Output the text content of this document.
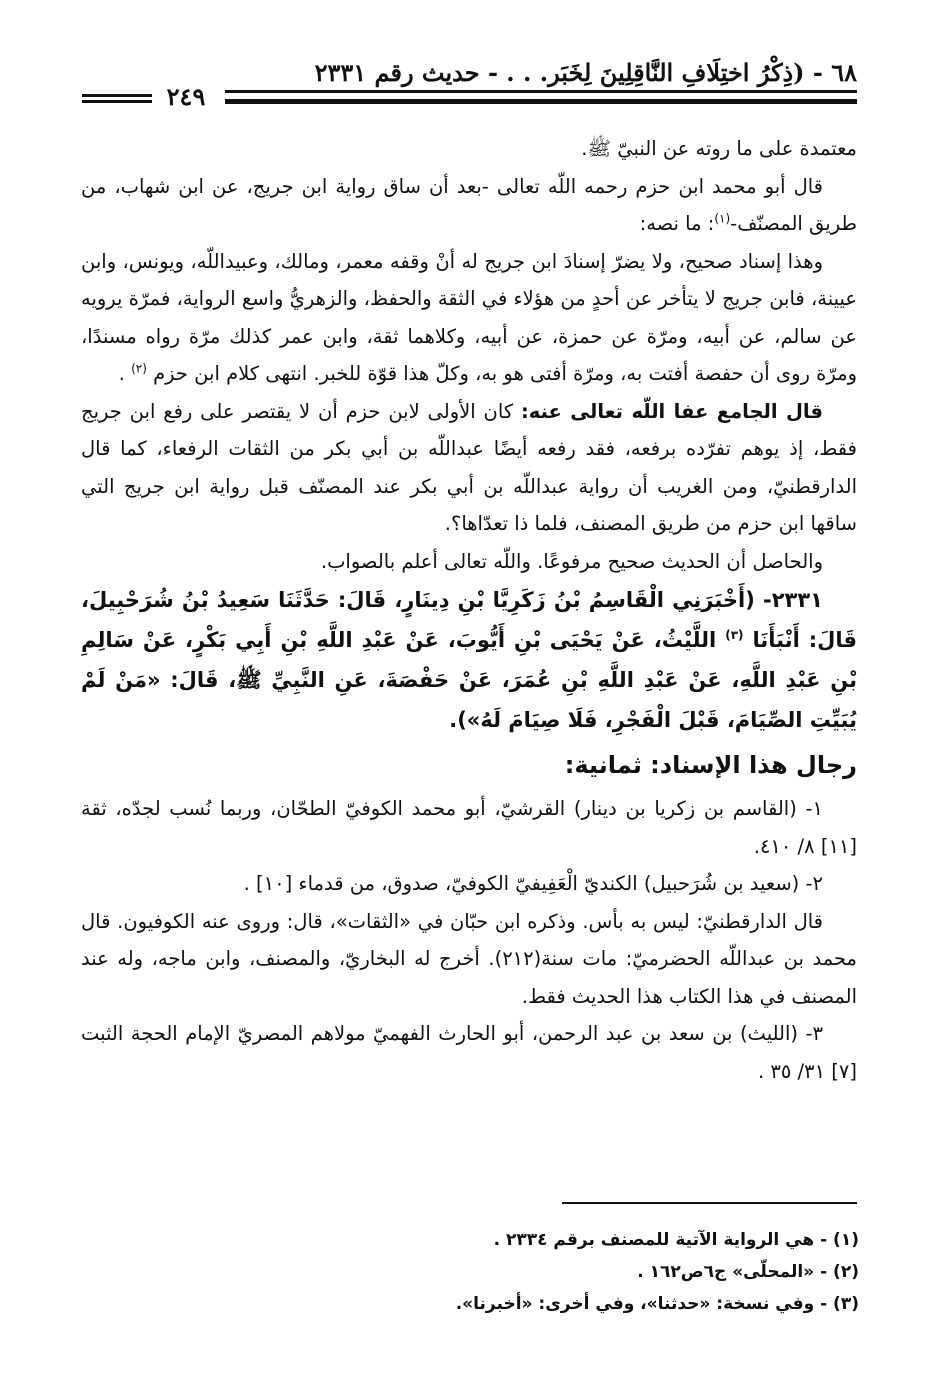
٦٨ - (ذِكْرُ اختِلَافِ النَّاقِلِينَ لِخَبَر. . . - حديث رقم ٢٣٣١
٢٤٩

معتمدة على ما روته عن النبيّ ﷺ.

قال أبو محمد ابن حزم رحمه اللّه تعالى -بعد أن ساق رواية ابن جريج، عن ابن شهاب، من طريق المصنّف-$^{(١)}$: ما نصه:

وهذا إسناد صحيح، ولا يضرّ إسنادَ ابن جريج له أنْ وقفه معمر، ومالك، وعبيداللّه، ويونس، وابن عيينة، فابن جريج لا يتأخر عن أحدٍ من هؤلاء في الثقة والحفظ، والزهريُّ واسع الرواية، فمرّة يرويه عن سالم، عن أبيه، ومرّة عن حمزة، عن أبيه، وكلاهما ثقة، وابن عمر كذلك مرّة رواه مسندًا، ومرّة روى أن حفصة أفتت به، ومرّة أفتى هو به، وكلّ هذا قوّة للخبر. انتهى كلام ابن حزم $^{(٢)}$ .

قال الجامع عفا اللّه تعالى عنه: كان الأولى لابن حزم أن لا يقتصر على رفع ابن جريج فقط، إذ يوهم تفرّده برفعه، فقد رفعه أيضًا عبداللّه بن أبي بكر من الثقات الرفعاء، كما قال الدارقطنيّ، ومن الغريب أن رواية عبداللّه بن أبي بكر عند المصنّف قبل رواية ابن جريج التي ساقها ابن حزم من طريق المصنف، فلما ذا تعدّاها؟.

والحاصل أن الحديث صحيح مرفوعًا. واللّه تعالى أعلم بالصواب.

٢٣٣١- (أَخْبَرَنِي الْقَاسِمُ بْنُ زَكَرِيَّا بْنِ دِينَارٍ، قَالَ: حَدَّثَنَا سَعِيدُ بْنُ شُرَحْبِيلَ، قَالَ: أَنْبَأَنَا $^{(٣)}$ اللَّيْثُ، عَنْ يَحْيَى بْنِ أَيُّوبَ، عَنْ عَبْدِ اللَّهِ بْنِ أَبِي بَكْرٍ، عَنْ سَالِمِ بْنِ عَبْدِ اللَّهِ، عَنْ عَبْدِ اللَّهِ بْنِ عُمَرَ، عَنْ حَفْصَةَ، عَنِ النَّبِيِّ ﷺ، قَالَ: «مَنْ لَمْ يُبَيِّتِ الصِّيَامَ، قَبْلَ الْفَجْرِ، فَلَا صِيَامَ لَهُ»).

رجال هذا الإسناد: ثمانية:

١- (القاسم بن زكريا بن دينار) القرشيّ، أبو محمد الكوفيّ الطحّان، وربما نُسب لجدّه، ثقة [١١] ٨/ ٤١٠.

٢- (سعيد بن شُرَحبيل) الكنديّ الْعَفِيفيّ الكوفيّ، صدوق، من قدماء [١٠] .

قال الدارقطنيّ: ليس به بأس. وذكره ابن حبّان في «الثقات»، قال: وروى عنه الكوفيون. قال محمد بن عبداللّه الحضرميّ: مات سنة(٢١٢). أخرج له البخاريّ، والمصنف، وابن ماجه، وله عند المصنف في هذا الكتاب هذا الحديث فقط.

٣- (الليث) بن سعد بن عبد الرحمن، أبو الحارث الفهميّ مولاهم المصريّ الإمام الحجة الثبت [٧] ٣١/ ٣٥ .

(١) - هي الرواية الآتية للمصنف برقم ٢٣٣٤ .

(٢) - «المحلّى» ج٦ص١٦٢ .

(٣) - وفي نسخة: «حدثنا»، وفي أخرى: «أخبرنا».
